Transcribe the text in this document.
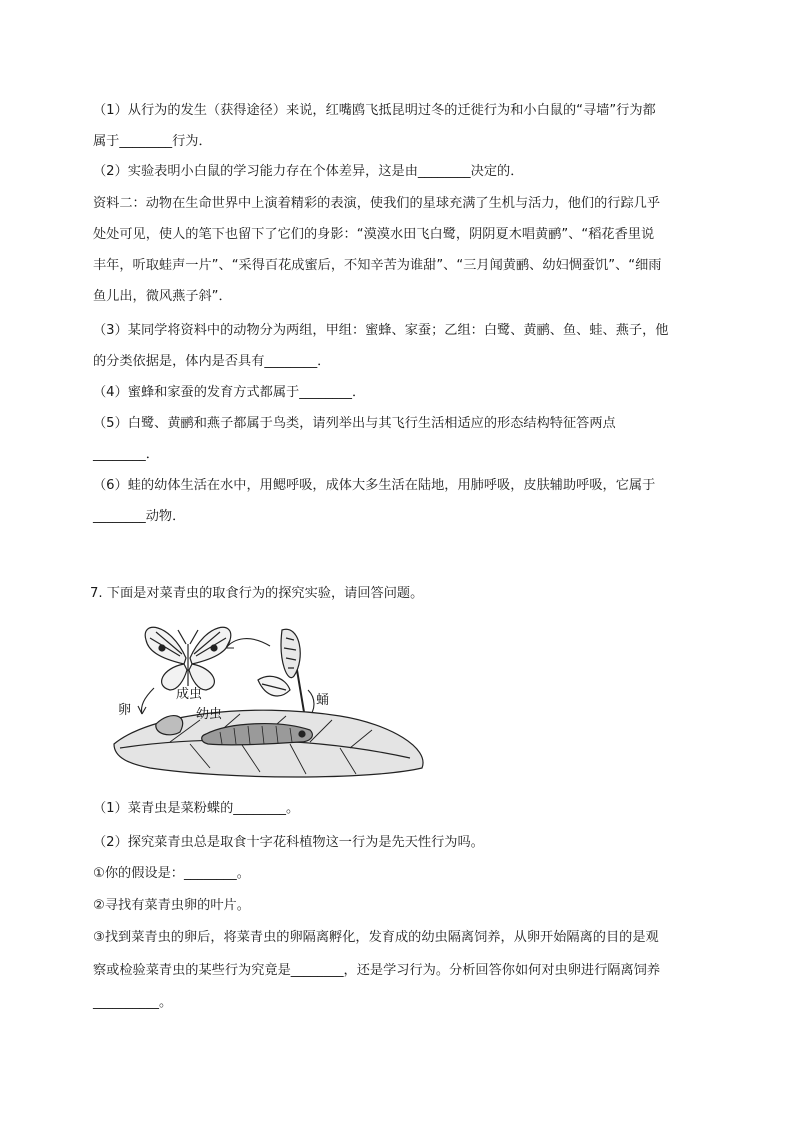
（1）从行为的发生（获得途径）来说，红嘴鸥飞抵昆明过冬的迁徙行为和小白鼠的“寻墙”行为都
属于________行为．
（2）实验表明小白鼠的学习能力存在个体差异，这是由________决定的．
资料二：动物在生命世界中上演着精彩的表演，使我们的星球充满了生机与活力，他们的行踪几乎
处处可见，使人的笔下也留下了它们的身影：“漠漠水田飞白鹭，阴阴夏木唱黄鹂”、“稻花香里说
丰年，听取蛙声一片”、“采得百花成蜜后，不知辛苦为谁甜”、“三月闻黄鹂、幼妇惆蚕饥”、“细雨
鱼儿出，微风燕子斜”．
（3）某同学将资料中的动物分为两组，甲组：蜜蜂、家蚕；乙组：白鹭、黄鹂、鱼、蛙、燕子，他
的分类依据是，体内是否具有________．
（4）蜜蜂和家蚕的发育方式都属于________．
（5）白鹭、黄鹂和燕子都属于鸟类，请列举出与其飞行生活相适应的形态结构特征答两点
________．
（6）蛙的幼体生活在水中，用鳃呼吸，成体大多生活在陆地，用肺呼吸，皮肤辅助呼吸，它属于
________动物．
7. 下面是对菜青虫的取食行为的探究实验，请回答问题。
成虫
卵	幼虫
蛹
（1）菜青虫是菜粉蝶的________。
（2）探究菜青虫总是取食十字花科植物这一行为是先天性行为吗。
①你的假设是：________。
②寻找有菜青虫卵的叶片。
③找到菜青虫的卵后，将菜青虫的卵隔离孵化，发育成的幼虫隔离饲养，从卵开始隔离的目的是观
察或检验菜青虫的某些行为究竟是________，还是学习行为。分析回答你如何对虫卵进行隔离饲养
__________。
